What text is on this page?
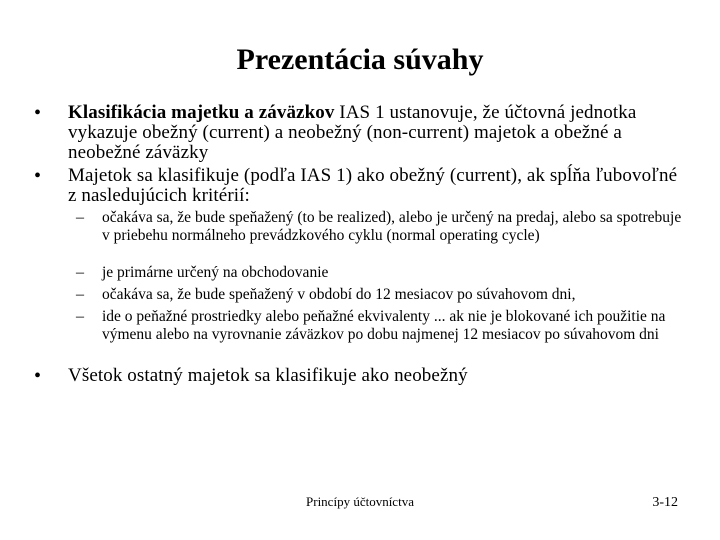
Prezentácia súvahy
• Klasifikácia majetku a záväzkov IAS 1 ustanovuje, že účtovná jednotka vykazuje obežný (current) a neobežný (non-current) majetok a obežné a neobežné záväzky
• Majetok sa klasifikuje (podľa IAS 1) ako obežný (current), ak spĺňa ľubovoľné z nasledujúcich kritérií:
– očakáva sa, že bude speňažený (to be realized), alebo je určený na predaj, alebo sa spotrebuje v priebehu normálneho prevádzkového cyklu (normal operating cycle)
– je primárne určený na obchodovanie
– očakáva sa, že bude speňažený v období do 12 mesiacov po súvahovom dni,
– ide o peňažné prostriedky alebo peňažné ekvivalenty ... ak nie je blokované ich použitie na výmenu alebo na vyrovnanie záväzkov po dobu najmenej 12 mesiacov po súvahovom dni
• Všetok ostatný majetok sa klasifikuje ako neobežný
Princípy účtovníctva	3-12
